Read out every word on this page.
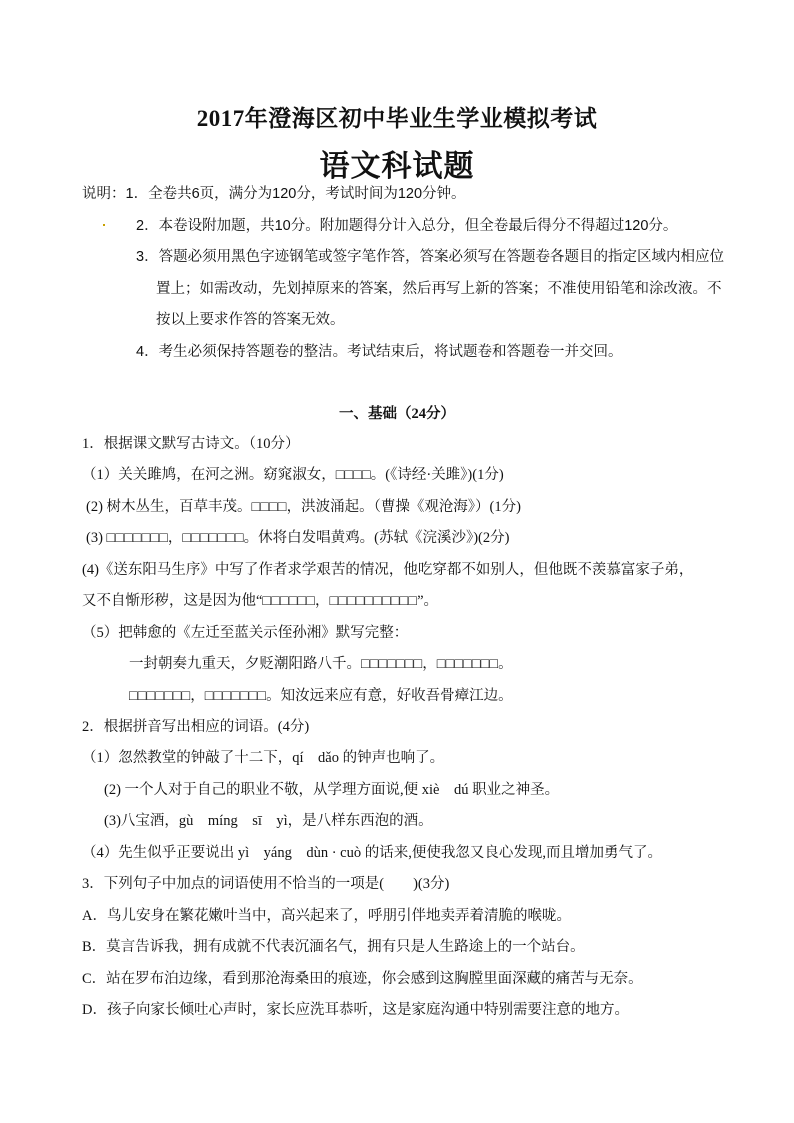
2017年澄海区初中毕业生学业模拟考试
语文科试题
说明：1．全卷共6页，满分为120分，考试时间为120分钟。
2．本卷设附加题，共10分。附加题得分计入总分，但全卷最后得分不得超过120分。
3．答题必须用黑色字迹钢笔或签字笔作答，答案必须写在答题卷各题目的指定区域内相应位
置上；如需改动，先划掉原来的答案，然后再写上新的答案；不准使用铅笔和涂改液。不
按以上要求作答的答案无效。
4．考生必须保持答题卷的整洁。考试结束后，将试题卷和答题卷一并交回。
一、基础（24分）
1．根据课文默写古诗文。（10分）
（1）关关雎鸠，在河之洲。窈窕淑女，□□□□。(《诗经·关雎》)(1分)
(2) 树木丛生，百草丰茂。□□□□，洪波涌起。（曹操《观沧海》）(1分)
(3) □□□□□□□，□□□□□□□。休将白发唱黄鸡。(苏轼《浣溪沙》)(2分)
(4)《送东阳马生序》中写了作者求学艰苦的情况，他吃穿都不如别人，但他既不羡慕富家子弟，
又不自惭形秽，这是因为他“□□□□□□，□□□□□□□□□□”。
（5）把韩愈的《左迁至蓝关示侄孙湘》默写完整：
一封朝奏九重天，夕贬潮阳路八千。□□□□□□□，□□□□□□□。
□□□□□□□，□□□□□□□。知汝远来应有意，好收吾骨瘴江边。
2．根据拼音写出相应的词语。(4分)
（1）忽然教堂的钟敲了十二下，qí　dǎo 的钟声也响了。
(2) 一个人对于自己的职业不敬，从学理方面说,便 xiè　dú 职业之神圣。
(3)八宝酒，gù　míng　sī　yì，是八样东西泡的酒。
（4）先生似乎正要说出 yì　yáng　dùn · cuò 的话来,便使我忽又良心发现,而且增加勇气了。
3．下列句子中加点的词语使用不恰当的一项是(　　)(3分)
A．鸟儿安身在繁花嫩叶当中，高兴起来了，呼朋引伴地卖弄着清脆的喉咙。
B．莫言告诉我，拥有成就不代表沉湎名气，拥有只是人生路途上的一个站台。
C．站在罗布泊边缘，看到那沧海桑田的痕迹，你会感到这胸膛里面深藏的痛苦与无奈。
D．孩子向家长倾吐心声时，家长应洗耳恭听，这是家庭沟通中特别需要注意的地方。
